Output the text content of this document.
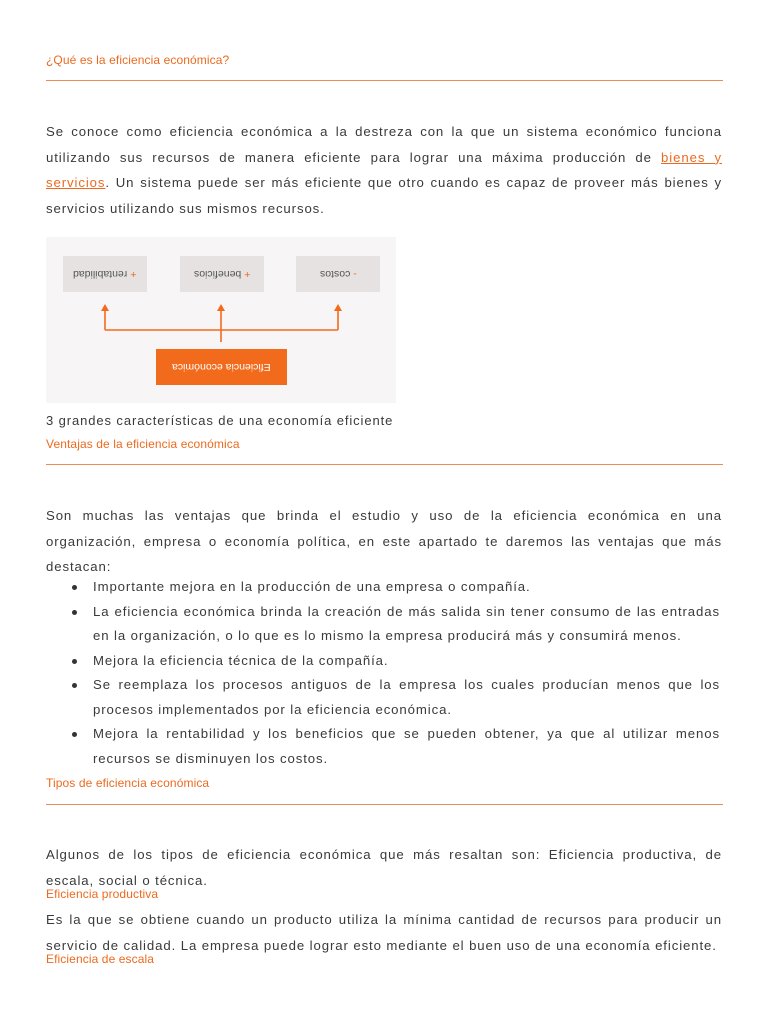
¿Qué es la eficiencia económica?

Se conoce como eficiencia económica a la destreza con la que un sistema económico funciona utilizando sus recursos de manera eficiente para lograr una máxima producción de bienes y servicios. Un sistema puede ser más eficiente que otro cuando es capaz de proveer más bienes y servicios utilizando sus mismos recursos.

+ rentabilidad	+ beneficios	- costos
Eficiencia económica
3 grandes características de una economía eficiente
Ventajas de la eficiencia económica

Son muchas las ventajas que brinda el estudio y uso de la eficiencia económica en una organización, empresa o economía política, en este apartado te daremos las ventajas que más destacan:

Importante mejora en la producción de una empresa o compañía.
La eficiencia económica brinda la creación de más salida sin tener consumo de las entradas en la organización, o lo que es lo mismo la empresa producirá más y consumirá menos.
Mejora la eficiencia técnica de la compañía.
Se reemplaza los procesos antiguos de la empresa los cuales producían menos que los procesos implementados por la eficiencia económica.
Mejora la rentabilidad y los beneficios que se pueden obtener, ya que al utilizar menos recursos se disminuyen los costos.
Tipos de eficiencia económica

Algunos de los tipos de eficiencia económica que más resaltan son: Eficiencia productiva, de escala, social o técnica.

Eficiencia productiva

Es la que se obtiene cuando un producto utiliza la mínima cantidad de recursos para producir un servicio de calidad. La empresa puede lograr esto mediante el buen uso de una economía eficiente.

Eficiencia de escala
